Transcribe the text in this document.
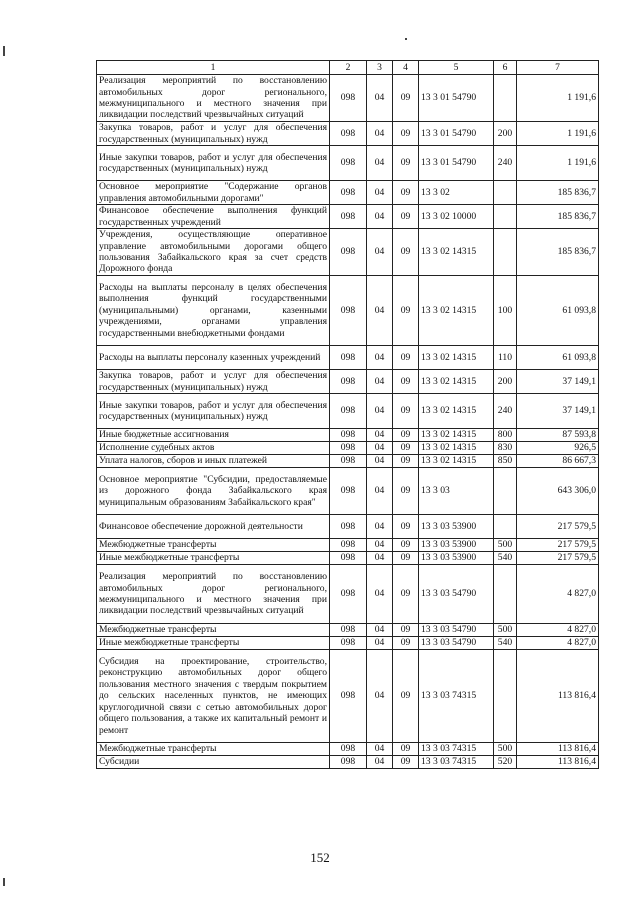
1	2	3	4	5	6	7
Реализация мероприятий по восстановлению автомобильных дорог регионального, межмуниципального и местного значения при ликвидации последствий чрезвычайных ситуаций	098	04	09	13 3 01 54790		1 191,6
Закупка товаров, работ и услуг для обеспечения государственных (муниципальных) нужд	098	04	09	13 3 01 54790	200	1 191,6
Иные закупки товаров, работ и услуг для обеспечения государственных (муниципальных) нужд	098	04	09	13 3 01 54790	240	1 191,6
Основное мероприятие "Содержание органов управления автомобильными дорогами"	098	04	09	13 3 02		185 836,7
Финансовое обеспечение выполнения функций государственных учреждений	098	04	09	13 3 02 10000		185 836,7
Учреждения, осуществляющие оперативное управление автомобильными дорогами общего пользования Забайкальского края за счет средств Дорожного фонда	098	04	09	13 3 02 14315		185 836,7
Расходы на выплаты персоналу в целях обеспечения выполнения функций государственными (муниципальными) органами, казенными учреждениями, органами управления государственными внебюджетными фондами	098	04	09	13 3 02 14315	100	61 093,8
Расходы на выплаты персоналу казенных учреждений	098	04	09	13 3 02 14315	110	61 093,8
Закупка товаров, работ и услуг для обеспечения государственных (муниципальных) нужд	098	04	09	13 3 02 14315	200	37 149,1
Иные закупки товаров, работ и услуг для обеспечения государственных (муниципальных) нужд	098	04	09	13 3 02 14315	240	37 149,1
Иные бюджетные ассигнования	098	04	09	13 3 02 14315	800	87 593,8
Исполнение судебных актов	098	04	09	13 3 02 14315	830	926,5
Уплата налогов, сборов и иных платежей	098	04	09	13 3 02 14315	850	86 667,3
Основное мероприятие "Субсидии, предоставляемые из дорожного фонда Забайкальского края муниципальным образованиям Забайкальского края"	098	04	09	13 3 03		643 306,0
Финансовое обеспечение дорожной деятельности	098	04	09	13 3 03 53900		217 579,5
Межбюджетные трансферты	098	04	09	13 3 03 53900	500	217 579,5
Иные межбюджетные трансферты	098	04	09	13 3 03 53900	540	217 579,5
Реализация мероприятий по восстановлению автомобильных дорог регионального, межмуниципального и местного значения при ликвидации последствий чрезвычайных ситуаций	098	04	09	13 3 03 54790		4 827,0
Межбюджетные трансферты	098	04	09	13 3 03 54790	500	4 827,0
Иные межбюджетные трансферты	098	04	09	13 3 03 54790	540	4 827,0
Субсидия на проектирование, строительство, реконструкцию автомобильных дорог общего пользования местного значения с твердым покрытием до сельских населенных пунктов, не имеющих круглогодичной связи с сетью автомобильных дорог общего пользования, а также их капитальный ремонт и ремонт	098	04	09	13 3 03 74315		113 816,4
Межбюджетные трансферты	098	04	09	13 3 03 74315	500	113 816,4
Субсидии	098	04	09	13 3 03 74315	520	113 816,4
152
